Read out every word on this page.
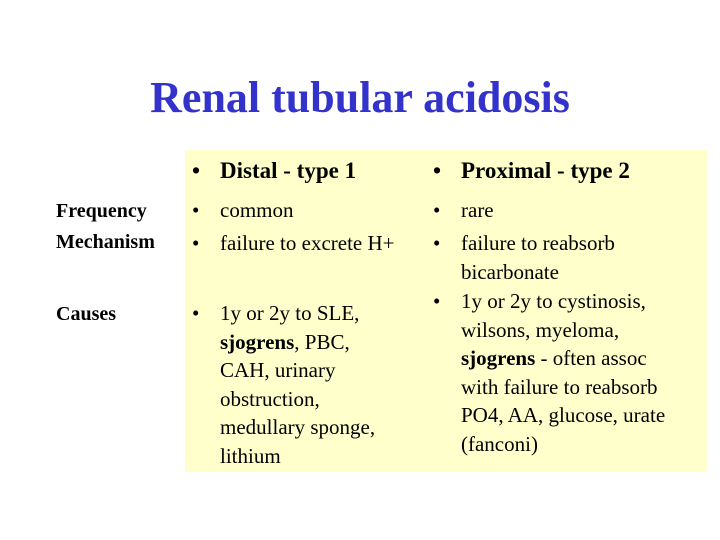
Renal tubular acidosis
Frequency
Mechanism
Causes
• Distal - type 1
• common
• failure to excrete H+
• 1y or 2y to SLE,
sjogrens, PBC,
CAH, urinary
obstruction,
medullary sponge,
lithium
• Proximal - type 2
• rare
• failure to reabsorb
bicarbonate
• 1y or 2y to cystinosis,
wilsons, myeloma,
sjogrens - often assoc
with failure to reabsorb
PO4, AA, glucose, urate
(fanconi)
